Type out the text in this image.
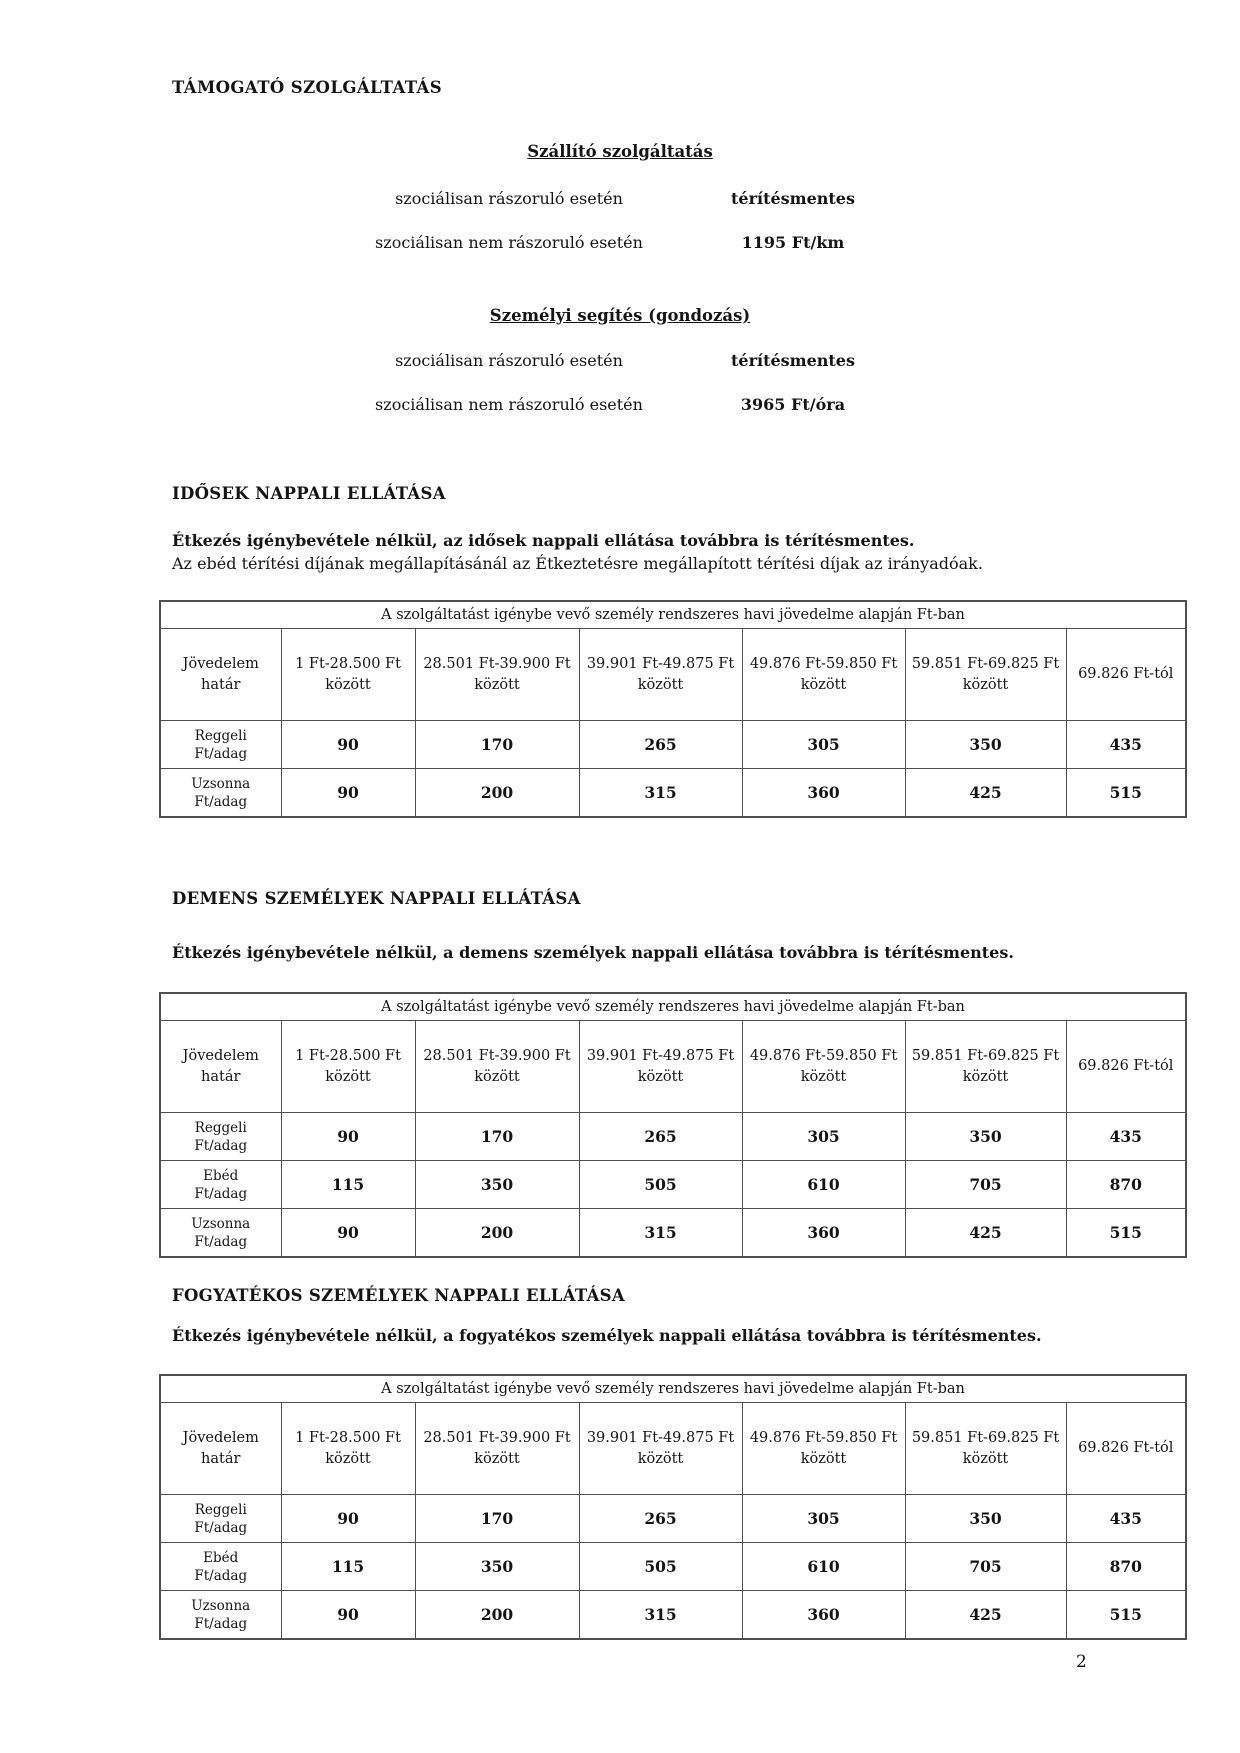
TÁMOGATÓ SZOLGÁLTATÁS
Szállító szolgáltatás
szociálisan rászoruló esetén	térítésmentes
szociálisan nem rászoruló esetén	1195 Ft/km
Személyi segítés (gondozás)
szociálisan rászoruló esetén	térítésmentes
szociálisan nem rászoruló esetén	3965 Ft/óra
IDŐSEK NAPPALI ELLÁTÁSA
Étkezés igénybevétele nélkül, az idősek nappali ellátása továbbra is térítésmentes.
Az ebéd térítési díjának megállapításánál az Étkeztetésre megállapított térítési díjak az irányadóak.
A szolgáltatást igénybe vevő személy rendszeres havi jövedelme alapján Ft-ban						
Jövedelem határ	1 Ft-28.500 Ft között	28.501 Ft-39.900 Ft között	39.901 Ft-49.875 Ft között	49.876 Ft-59.850 Ft között	59.851 Ft-69.825 Ft között	69.826 Ft-tól

Reggeli
Ft/adag	90	170	265	305	350	435

Uzsonna
Ft/adag	90	200	315	360	425	515
DEMENS SZEMÉLYEK NAPPALI ELLÁTÁSA
Étkezés igénybevétele nélkül, a demens személyek nappali ellátása továbbra is térítésmentes.
A szolgáltatást igénybe vevő személy rendszeres havi jövedelme alapján Ft-ban						
Jövedelem határ	1 Ft-28.500 Ft között	28.501 Ft-39.900 Ft között	39.901 Ft-49.875 Ft között	49.876 Ft-59.850 Ft között	59.851 Ft-69.825 Ft között	69.826 Ft-tól

Reggeli
Ft/adag	90	170	265	305	350	435

Ebéd
Ft/adag	115	350	505	610	705	870

Uzsonna
Ft/adag	90	200	315	360	425	515
FOGYATÉKOS SZEMÉLYEK NAPPALI ELLÁTÁSA
Étkezés igénybevétele nélkül, a fogyatékos személyek nappali ellátása továbbra is térítésmentes.
A szolgáltatást igénybe vevő személy rendszeres havi jövedelme alapján Ft-ban						
Jövedelem határ	1 Ft-28.500 Ft között	28.501 Ft-39.900 Ft között	39.901 Ft-49.875 Ft között	49.876 Ft-59.850 Ft között	59.851 Ft-69.825 Ft között	69.826 Ft-tól

Reggeli
Ft/adag	90	170	265	305	350	435

Ebéd
Ft/adag	115	350	505	610	705	870

Uzsonna
Ft/adag	90	200	315	360	425	515
2
